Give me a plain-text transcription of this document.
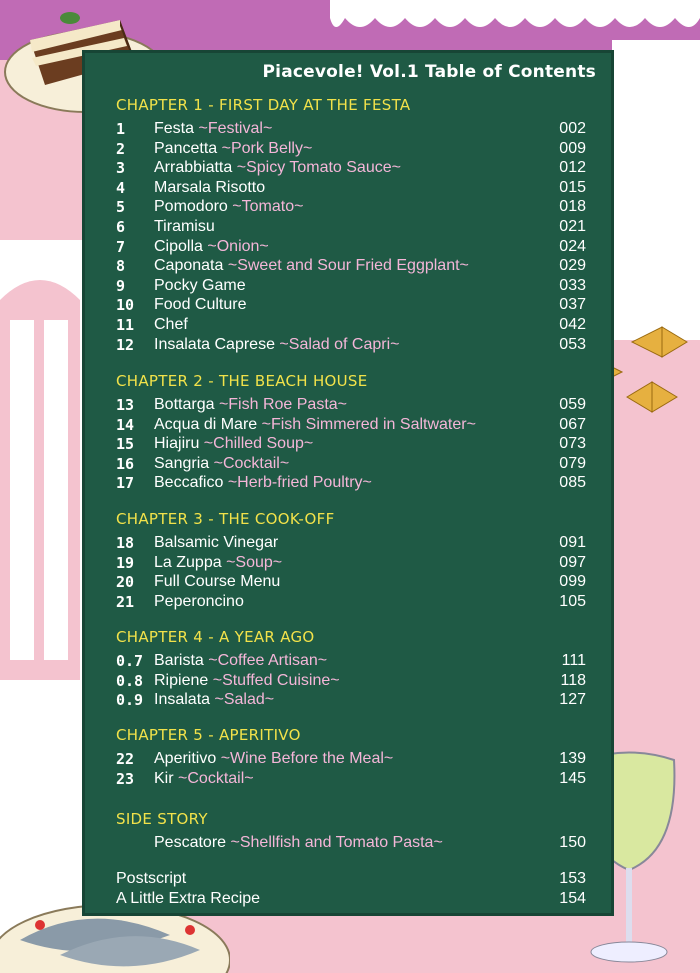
Piacevole! Vol.1 Table of Contents
CHAPTER 1 - FIRST DAY AT THE FESTA
1	Festa ~Festival~	002
2	Pancetta ~Pork Belly~	009
3	Arrabbiatta ~Spicy Tomato Sauce~	012
4	Marsala Risotto	015
5	Pomodoro ~Tomato~	018
6	Tiramisu	021
7	Cipolla ~Onion~	024
8	Caponata ~Sweet and Sour Fried Eggplant~	029
9	Pocky Game	033
10	Food Culture	037
11	Chef	042
12	Insalata Caprese ~Salad of Capri~	053
CHAPTER 2 - THE BEACH HOUSE
13	Bottarga ~Fish Roe Pasta~	059
14	Acqua di Mare ~Fish Simmered in Saltwater~	067
15	Hiajiru ~Chilled Soup~	073
16	Sangria ~Cocktail~	079
17	Beccafico ~Herb-fried Poultry~	085
CHAPTER 3 - THE COOK-OFF
18	Balsamic Vinegar	091
19	La Zuppa ~Soup~	097
20	Full Course Menu	099
21	Peperoncino	105
CHAPTER 4 - A YEAR AGO
0.7 Barista ~Coffee Artisan~	111
0.8 Ripiene ~Stuffed Cuisine~	118
0.9 Insalata ~Salad~	127
CHAPTER 5 - APERITIVO
22	Aperitivo ~Wine Before the Meal~	139
23	Kir ~Cocktail~	145
SIDE STORY
Pescatore ~Shellfish and Tomato Pasta~	150
Postscript	153
A Little Extra Recipe	154
